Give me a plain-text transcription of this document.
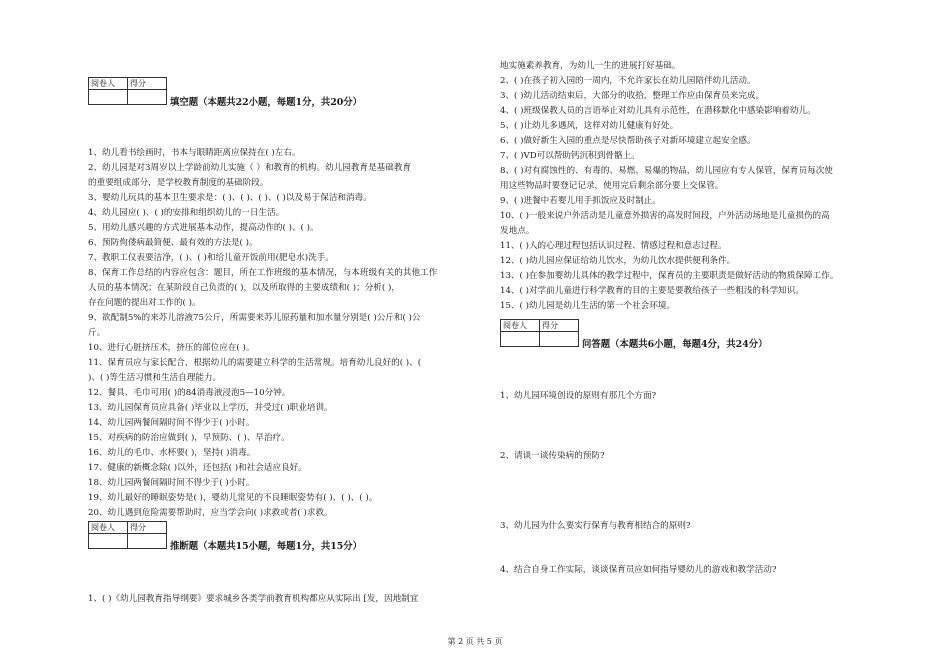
阅卷人	得分

填空题（本题共22小题，每题1分，共20分）
1、幼儿看书绘画时，书本与眼睛距离应保持在( )左右。
2、幼儿园是对3周岁以上学龄前幼儿实施（ ）和教育的机构。幼儿园教育是基础教育
的重要组成部分，是学校教育制度的基础阶段。
3、婴幼儿玩具的基本卫生要求是：( )、( )、( )、( )以及易于保洁和消毒。
4、幼儿园应( )、( )的安排和组织幼儿的一日生活。
5、用幼儿感兴趣的方式进展基本动作，提高动作的( )、( )。
6、预防佝偻病最简便、最有效的方法是( )。
7、教职工仪表要洁净，( )、( )和给儿童开饭前用(肥皂水)洗手。
8、保育工作总结的内容应包含：题目，所在工作班级的基本情况，与本班级有关的其他工作
人员的基本情况；在某阶段自己负责的( )，以及所取得的主要成绩和( )；分析( )，
存在问题的提出对工作的( )。
9、欲配制5%的来苏儿溶液75公斤，所需要来苏儿原药量和加水量分别是( )公斤和( )公
斤。
10、进行心脏挤压术，挤压的部位应在( )。
11、保育员应与家长配合，根据幼儿的需要建立科学的生活常规。培育幼儿良好的( )、(
)、( )等生活习惯和生活自理能力。
12、餐具、毛巾可用( )的84消毒液浸泡5—10分钟。
13、幼儿园保育员应具备( )毕业以上学历，并受过( )职业培训。
14、幼儿园两餐间隔时间不得少于( )小时。
15、对疾病的防治应做到( )，早预防、( )、早治疗。
16、幼儿的毛巾、水杯要( )，坚持( )消毒。
17、健康的新概念除( )以外，还包括( )和社会适应良好。
18、幼儿园两餐间隔时间不得少于( )小时。
19、幼儿最好的睡眠姿势是( )，婴幼儿常见的不良睡眠姿势有( )、( )、( )。
20、幼儿遇到危险需要帮助时，应当学会向( )求救或者( )求救。
阅卷人	得分

推断题（本题共15小题，每题1分，共15分）
1、( )《幼儿园教育指导纲要》要求城乡各类学前教育机构都应从实际出 [发，因地制宜
地实施素养教育，为幼儿一生的进展打好基础。
2、( )在孩子初入园的一周内，不允许家长在幼儿园陪伴幼儿活动。
3、( )幼儿活动结束后，大部分的收拾，整理工作应由保育员来完成。
4、( )班级保教人员的言语举止对幼儿具有示范性，在潜移默化中感染影响着幼儿。
5、( )让幼儿多遇风，这样对幼儿健康有好处。
6、( )做好新生入园的重点是尽快帮助孩子对新环境建立起安全感。
7、( )VD可以帮助钙沉积到骨骼上。
8、( )对有腐蚀性的、有毒的、易燃、易爆的物品，幼儿园应有专人保管，保育员每次使
用这些物品时要登记记录，使用完后剩余部分要上交保管。
9、( )进餐中若婴儿用手抓饭应及时制止。
10、( )一般来说户外活动是儿童意外损害的高发时间段，户外活动场地是儿童损伤的高
发地点。
11、( )人的心理过程包括认识过程、情感过程和意志过程。
12、( )幼儿园应保证给幼儿饮水，为幼儿饮水提供便利条件。
13、( )在参加婴幼儿具体的教学过程中，保育员的主要职责是做好活动的物质保障工作。
14、( )对学前儿童进行科学教育的目的主要是要教给孩子一些粗浅的科学知识。
15、( )幼儿园是幼儿生活的第一个社会环境。
阅卷人	得分

问答题（本题共6小题，每题4分，共24分）
1、幼儿园环境创设的原则有那几个方面?
2、请谈一谈传染病的预防?
3、幼儿园为什么要实行保育与教育相结合的原则?
4、结合自身工作实际，谈谈保育员应如何指导婴幼儿的游戏和教学活动?
第 2 页 共 5 页
